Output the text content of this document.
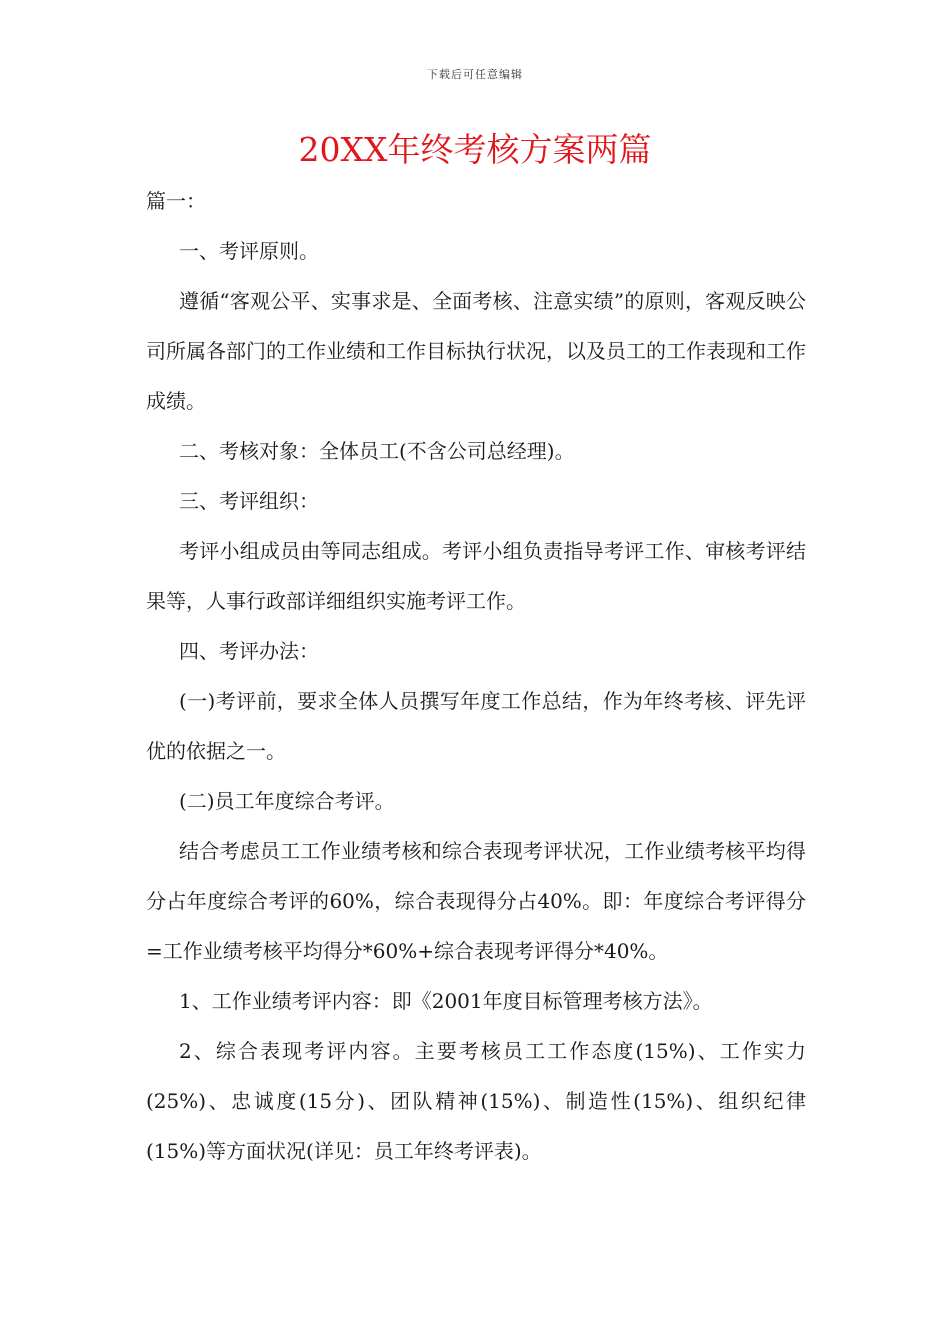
下载后可任意编辑
20XX年终考核方案两篇

篇一：

一、考评原则。

遵循“客观公平、实事求是、全面考核、注意实绩”的原则，客观反映公司所属各部门的工作业绩和工作目标执行状况，以及员工的工作表现和工作成绩。

二、考核对象：全体员工(不含公司总经理)。

三、考评组织：

考评小组成员由等同志组成。考评小组负责指导考评工作、审核考评结果等，人事行政部详细组织实施考评工作。

四、考评办法：

(一)考评前，要求全体人员撰写年度工作总结，作为年终考核、评先评优的依据之一。

(二)员工年度综合考评。

结合考虑员工工作业绩考核和综合表现考评状况，工作业绩考核平均得分占年度综合考评的60%，综合表现得分占40%。即：年度综合考评得分=工作业绩考核平均得分*60%+综合表现考评得分*40%。

1、工作业绩考评内容：即《2001年度目标管理考核方法》。

2、综合表现考评内容。主要考核员工工作态度(15%)、工作实力(25%)、忠诚度(15分)、团队精神(15%)、制造性(15%)、组织纪律(15%)等方面状况(详见：员工年终考评表)。
